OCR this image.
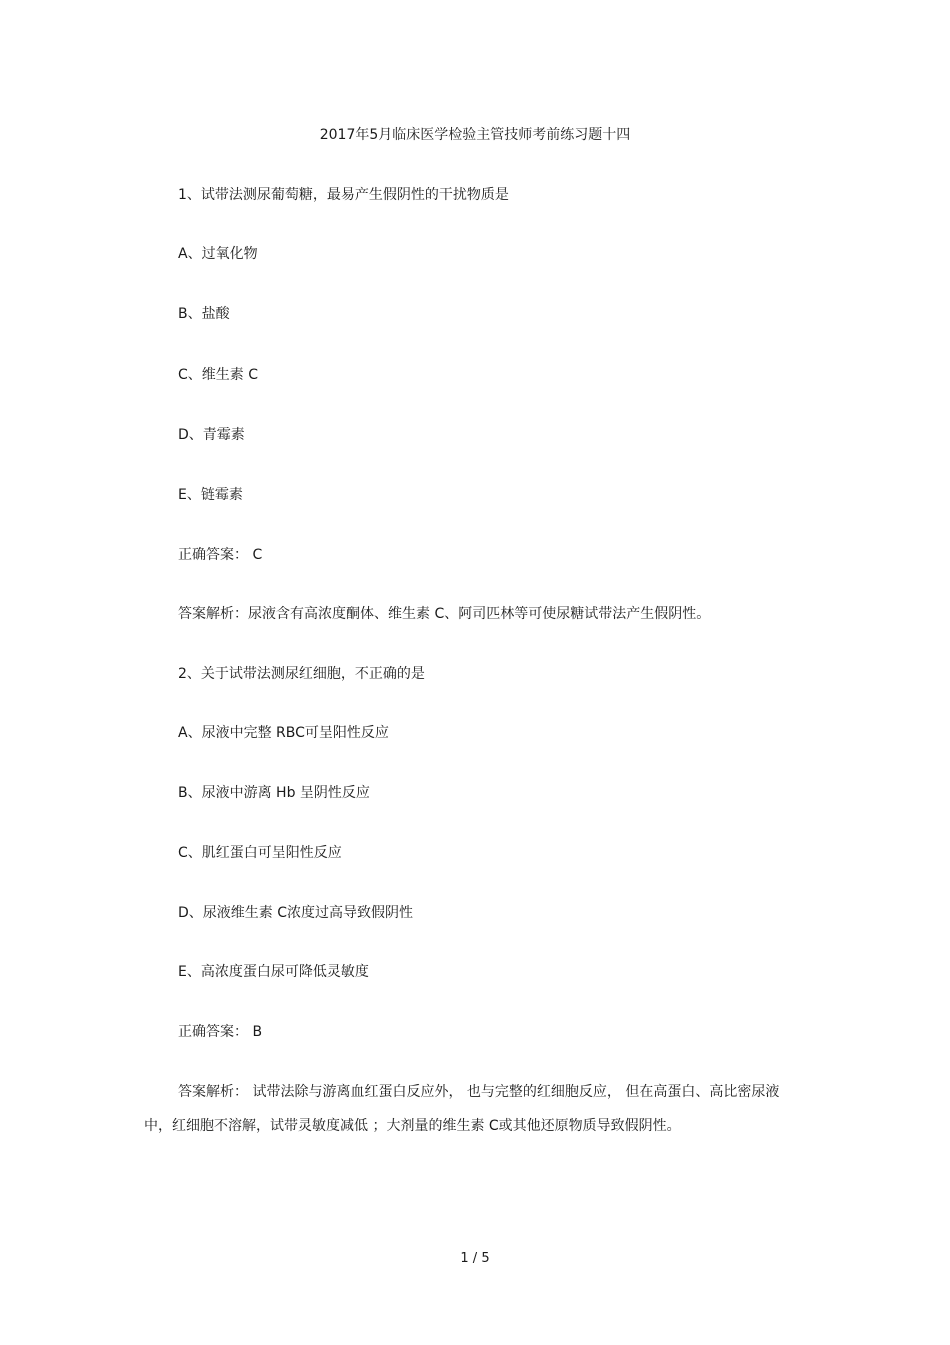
2017年5月临床医学检验主管技师考前练习题十四
1、试带法测尿葡萄糖，最易产生假阴性的干扰物质是
A、过氧化物
B、盐酸
C、维生素 C
D、青霉素
E、链霉素
正确答案： C
答案解析：尿液含有高浓度酮体、维生素 C、阿司匹林等可使尿糖试带法产生假阴性。
2、关于试带法测尿红细胞，不正确的是
A、尿液中完整 RBC可呈阳性反应
B、尿液中游离 Hb 呈阴性反应
C、肌红蛋白可呈阳性反应
D、尿液维生素 C浓度过高导致假阴性
E、高浓度蛋白尿可降低灵敏度
正确答案： B
答案解析： 试带法除与游离血红蛋白反应外， 也与完整的红细胞反应， 但在高蛋白、高比密尿液中，红细胞不溶解，试带灵敏度减低 ；大剂量的维生素 C或其他还原物质导致假阴性。
1 / 5
